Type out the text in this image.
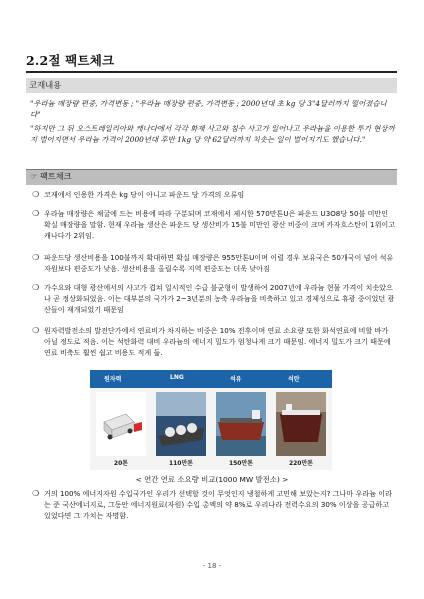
2.2절 팩트체크
코재내용
"우라늄 매장량 편중, 가격변동 ; "우라늄 매장량 편중, 가격변동 ; 2000년대 초 kg 당 3"4달러까지 떨어졌습니다"
"하지만 그 뒤 오스트레일리아와 캐나다에서 각각 화재 사고와 침수 사고가 일어나고 우라늄을 이용한 투기 현상까지 벌어지면서 우라늄 가격이 2000년대 후반 1kg 당 약 62달러까지 치솟는 일이 벌어지기도 했습니다."
☞ 팩트체크
❍ 코재에서 인용한 가격은 kg 당이 아니고 파운드 당 가격의 오류임
❍ 우라늄 매장량은 채굴에 드는 비용에 따라 구분되며 코재에서 제시한 570만톤U은 파운드 U3O8당 50불 미만인 확실 매장량을 말함. 현재 우라늄 생산은 파운드 당 생산비가 15불 미만인 광산 비중이 크며 카자흐스탄이 1위이고 캐나다가 2위임.
❍ 파운드당 생산비용을 100불까지 확대하면 확실 매장량은 955만톤U이며 이럴 경우 보유국은 50개국이 넘어 석유자원보다 편중도가 낮음. 생산비용을 올릴수록 지역 편중도는 더욱 낮아짐
❍ 가수요와 대형 광산에서의 사고가 겹쳐 일시적인 수급 불균형이 발생하여 2007년에 우라늄 현물 가격이 치솟았으나 곧 정상화되었음. 이는 대부분의 국가가 2~3년분의 농축 우라늄을 비축하고 있고 경제성으로 휴광 중이었던 광산들이 재개되었기 때문임
❍ 원자력발전소의 발전단가에서 연료비가 차지하는 비중은 10% 전후이며 연료 소요량 또한 화석연료에 비할 바가 아닐 정도로 적음. 이는 석탄화력 대비 우라늄의 에너지 밀도가 엄청나게 크기 때문임. 에너지 밀도가 크기 때문에 연료 비축도 훨씬 쉽고 비용도 적게 듦.
원자력	LNG	석유	석탄
20톤	110만톤	150만톤	220만톤
< 연간 연료 소요량 비교(1000 MW 발전소) >
❍ 거의 100% 에너지자원 수입국가인 우리가 선택할 것이 무엇인지 냉철하게 고민해 보았는지? 그나마 우라늄 이라는 준 국산에너지로, 그동안 에너지원료(자원) 수입 총액의 약 8%로 우리나라 전력수요의 30% 이상을 공급하고 있었다면 그 가치는 자명함.
- 18 -
